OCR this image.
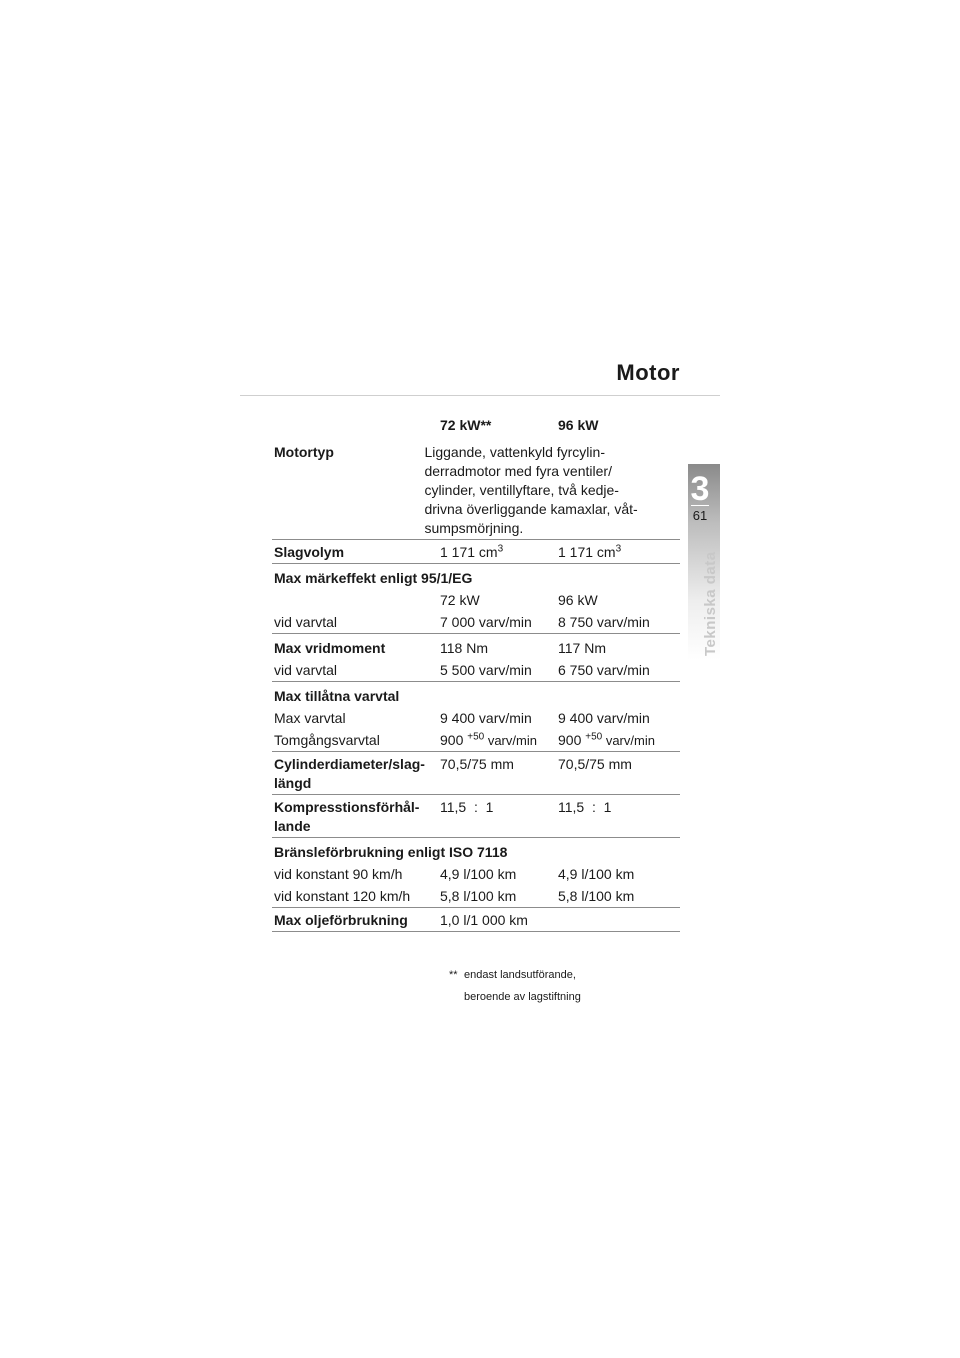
Motor
3
61
Tekniska data
72 kW**	96 kW
Motortyp	Liggande, vattenkyld fyrcylin-
derradmotor med fyra ventiler/
cylinder, ventillyftare, två kedje-
drivna överliggande kamaxlar, våt-
sumpsmörjning.
Slagvolym	1 171 $cm^3$	1 171 $cm^3$
Max märkeffekt enligt 95/1/EG
72 kW	96 kW
vid varvtal	7 000 varv/min	8 750 varv/min
Max vridmoment	118 Nm	117 Nm
vid varvtal	5 500 varv/min	6 750 varv/min
Max tillåtna varvtal
Max varvtal	9 400 varv/min	9 400 varv/min
Tomgångsvarvtal	900 $^{+50}$ varv/min	900 $^{+50}$ varv/min
Cylinderdiameter/slag-
längd
70,5/75 mm	70,5/75 mm
Kompresstionsförhål-
lande
11,5  :  1	11,5  :  1
Bränsleförbrukning enligt ISO 7118
vid konstant 90 km/h	4,9 l/100 km	4,9 l/100 km
vid konstant 120 km/h	5,8 l/100 km	5,8 l/100 km
Max oljeförbrukning	1,0 l/1 000 km
** endast landsutförande,
beroende av lagstiftning
